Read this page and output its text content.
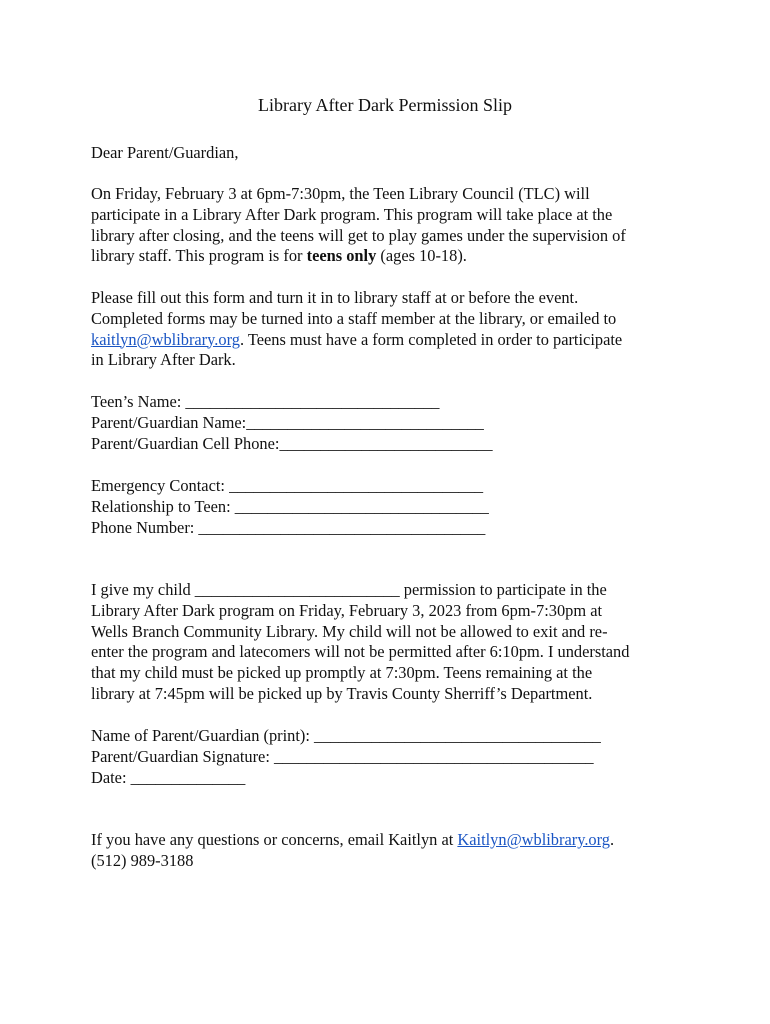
Library After Dark Permission Slip

Dear Parent/Guardian,

On Friday, February 3 at 6pm-7:30pm, the Teen Library Council (TLC) will
participate in a Library After Dark program. This program will take place at the
library after closing, and the teens will get to play games under the supervision of
library staff. This program is for teens only (ages 10-18).

Please fill out this form and turn it in to library staff at or before the event.
Completed forms may be turned into a staff member at the library, or emailed to
kaitlyn@wblibrary.org. Teens must have a form completed in order to participate
in Library After Dark.

Teen’s Name: _______________________________
Parent/Guardian Name:_____________________________
Parent/Guardian Cell Phone:__________________________

Emergency Contact: _______________________________
Relationship to Teen: _______________________________
Phone Number: ___________________________________

I give my child _________________________ permission to participate in the
Library After Dark program on Friday, February 3, 2023 from 6pm-7:30pm at
Wells Branch Community Library. My child will not be allowed to exit and re-
enter the program and latecomers will not be permitted after 6:10pm. I understand
that my child must be picked up promptly at 7:30pm. Teens remaining at the
library at 7:45pm will be picked up by Travis County Sherriff’s Department.

Name of Parent/Guardian (print): ___________________________________
Parent/Guardian Signature: _______________________________________
Date: ______________

If you have any questions or concerns, email Kaitlyn at Kaitlyn@wblibrary.org.
(512) 989-3188
